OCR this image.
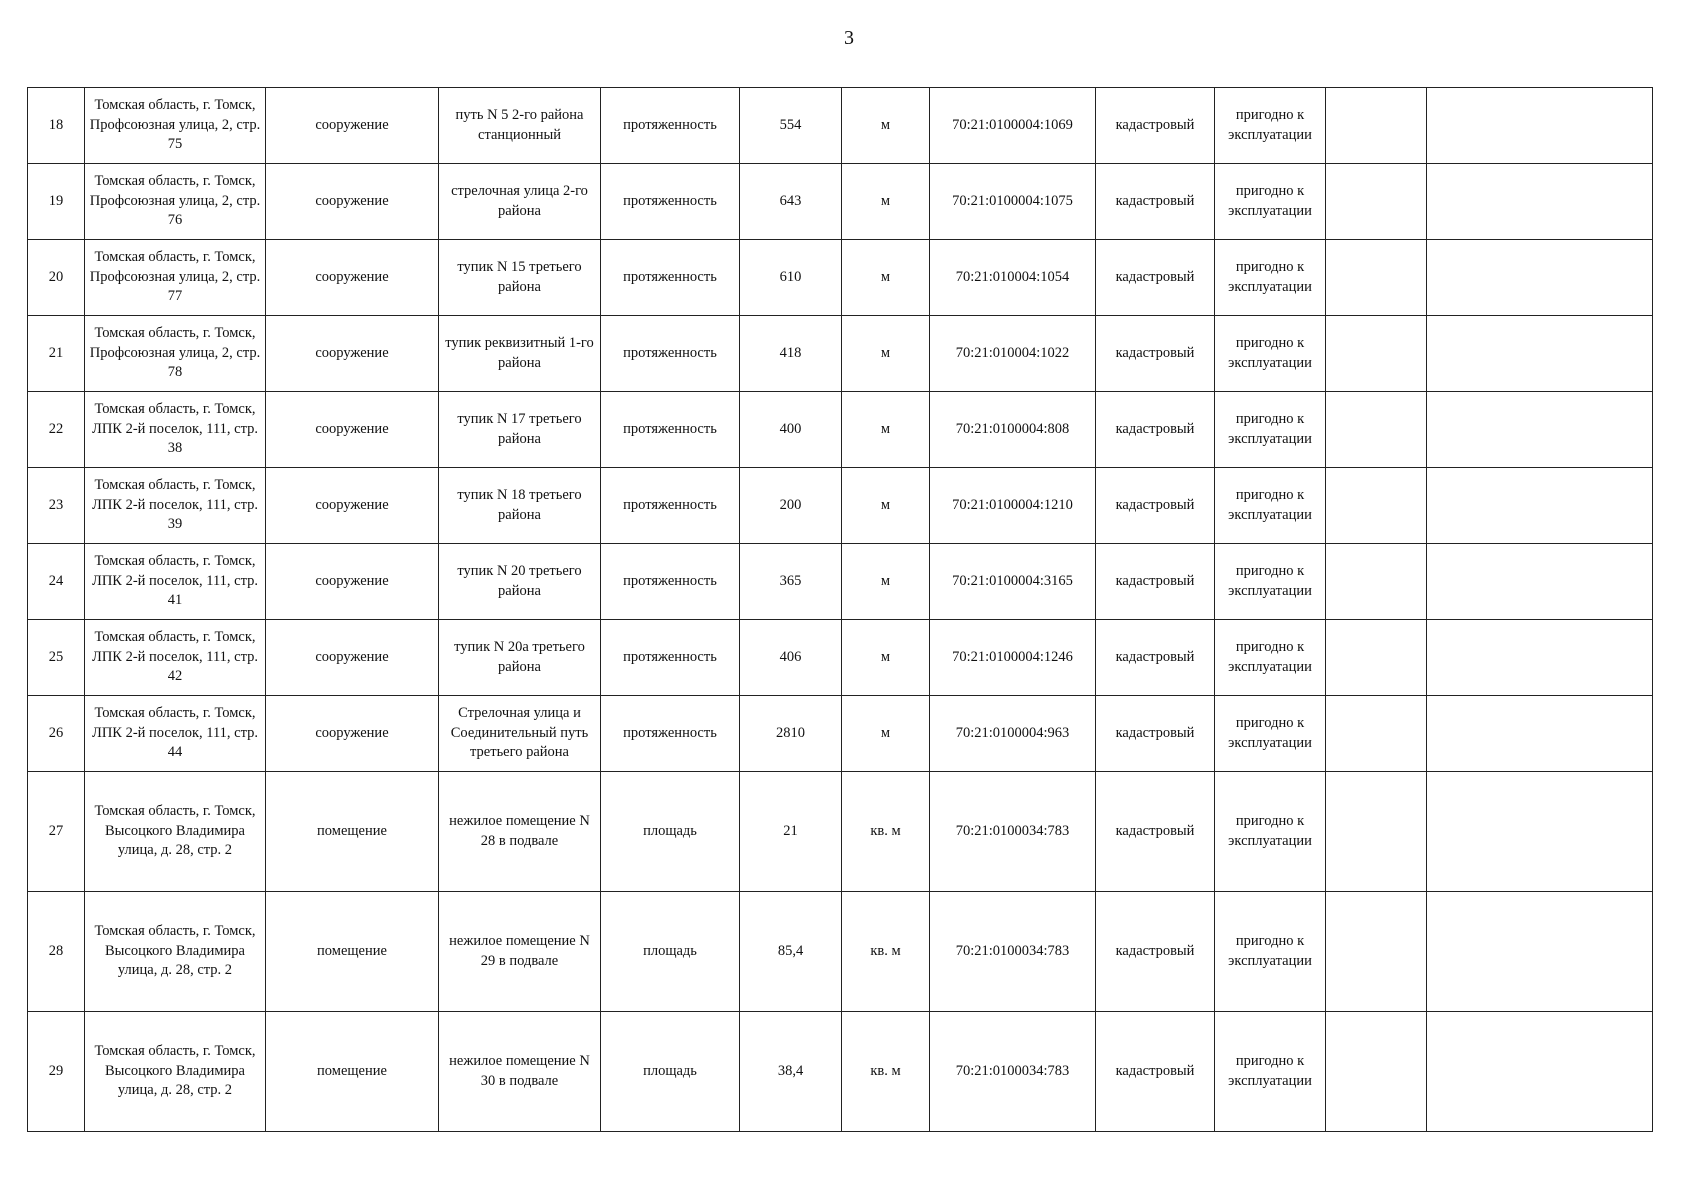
3
18	Томская область, г. Томск, Профсоюзная улица, 2, стр. 75	сооружение	путь N 5 2-го района станционный	протяженность	554	м	70:21:0100004:1069	кадастровый	пригодно к эксплуатации		
19	Томская область, г. Томск, Профсоюзная улица, 2, стр. 76	сооружение	стрелочная улица 2-го района	протяженность	643	м	70:21:0100004:1075	кадастровый	пригодно к эксплуатации		
20	Томская область, г. Томск, Профсоюзная улица, 2, стр. 77	сооружение	тупик N 15 третьего района	протяженность	610	м	70:21:010004:1054	кадастровый	пригодно к эксплуатации		
21	Томская область, г. Томск, Профсоюзная улица, 2, стр. 78	сооружение	тупик реквизитный 1-го района	протяженность	418	м	70:21:010004:1022	кадастровый	пригодно к эксплуатации		
22	Томская область, г. Томск, ЛПК 2-й поселок, 111, стр. 38	сооружение	тупик N 17 третьего района	протяженность	400	м	70:21:0100004:808	кадастровый	пригодно к эксплуатации		
23	Томская область, г. Томск, ЛПК 2-й поселок, 111, стр. 39	сооружение	тупик N 18 третьего района	протяженность	200	м	70:21:0100004:1210	кадастровый	пригодно к эксплуатации		
24	Томская область, г. Томск, ЛПК 2-й поселок, 111, стр. 41	сооружение	тупик N 20 третьего района	протяженность	365	м	70:21:0100004:3165	кадастровый	пригодно к эксплуатации		
25	Томская область, г. Томск, ЛПК 2-й поселок, 111, стр. 42	сооружение	тупик N 20а третьего района	протяженность	406	м	70:21:0100004:1246	кадастровый	пригодно к эксплуатации		
26	Томская область, г. Томск, ЛПК 2-й поселок, 111, стр. 44	сооружение	Стрелочная улица и Соединительный путь третьего района	протяженность	2810	м	70:21:0100004:963	кадастровый	пригодно к эксплуатации		
27	Томская область, г. Томск, Высоцкого Владимира улица, д. 28, стр. 2	помещение	нежилое помещение N 28 в подвале	площадь	21	кв. м	70:21:0100034:783	кадастровый	пригодно к эксплуатации		
28	Томская область, г. Томск, Высоцкого Владимира улица, д. 28, стр. 2	помещение	нежилое помещение N 29 в подвале	площадь	85,4	кв. м	70:21:0100034:783	кадастровый	пригодно к эксплуатации		
29	Томская область, г. Томск, Высоцкого Владимира улица, д. 28, стр. 2	помещение	нежилое помещение N 30 в подвале	площадь	38,4	кв. м	70:21:0100034:783	кадастровый	пригодно к эксплуатации		
